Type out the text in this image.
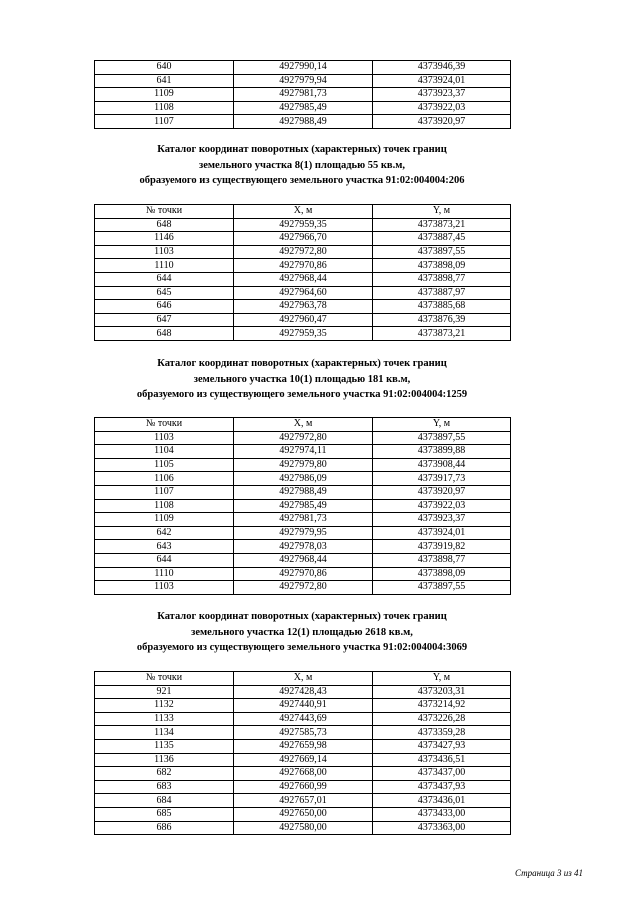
640	4927990,14	4373946,39
641	4927979,94	4373924,01
1109	4927981,73	4373923,37
1108	4927985,49	4373922,03
1107	4927988,49	4373920,97
Каталог координат поворотных (характерных) точек границ
земельного участка 8(1) площадью 55 кв.м,
образуемого из существующего земельного участка 91:02:004004:206
№ точки	X, м	Y, м
648	4927959,35	4373873,21
1146	4927966,70	4373887,45
1103	4927972,80	4373897,55
1110	4927970,86	4373898,09
644	4927968,44	4373898,77
645	4927964,60	4373887,97
646	4927963,78	4373885,68
647	4927960,47	4373876,39
648	4927959,35	4373873,21
Каталог координат поворотных (характерных) точек границ
земельного участка 10(1) площадью 181 кв.м,
образуемого из существующего земельного участка 91:02:004004:1259
№ точки	X, м	Y, м
1103	4927972,80	4373897,55
1104	4927974,11	4373899,88
1105	4927979,80	4373908,44
1106	4927986,09	4373917,73
1107	4927988,49	4373920,97
1108	4927985,49	4373922,03
1109	4927981,73	4373923,37
642	4927979,95	4373924,01
643	4927978,03	4373919,82
644	4927968,44	4373898,77
1110	4927970,86	4373898,09
1103	4927972,80	4373897,55
Каталог координат поворотных (характерных) точек границ
земельного участка 12(1) площадью 2618 кв.м,
образуемого из существующего земельного участка 91:02:004004:3069
№ точки	X, м	Y, м
921	4927428,43	4373203,31
1132	4927440,91	4373214,92
1133	4927443,69	4373226,28
1134	4927585,73	4373359,28
1135	4927659,98	4373427,93
1136	4927669,14	4373436,51
682	4927668,00	4373437,00
683	4927660,99	4373437,93
684	4927657,01	4373436,01
685	4927650,00	4373433,00
686	4927580,00	4373363,00
Страница 3 из 41
